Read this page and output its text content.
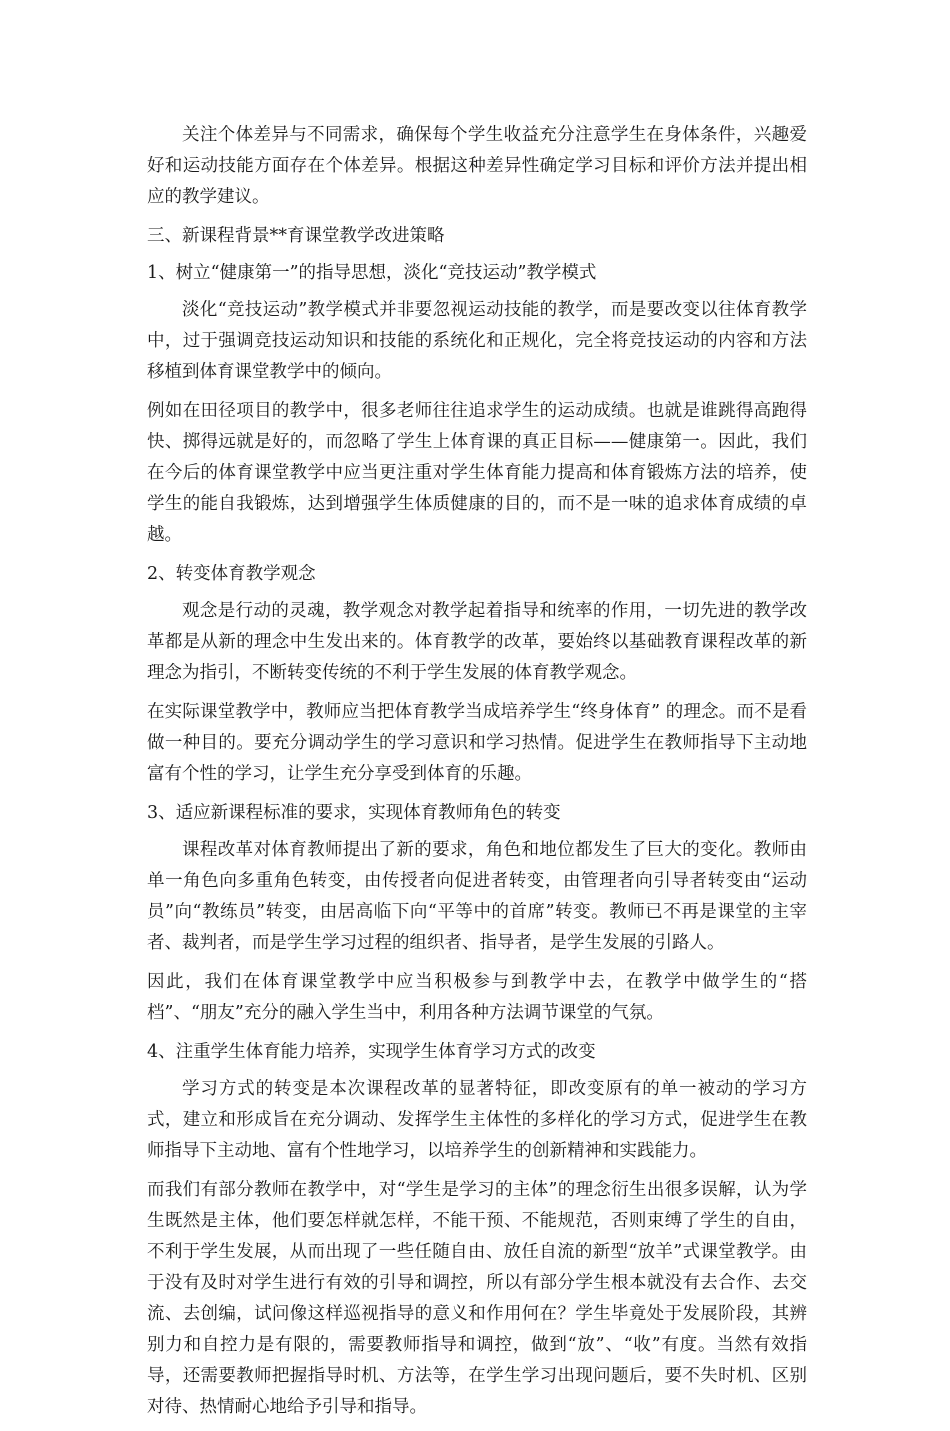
关注个体差异与不同需求，确保每个学生收益充分注意学生在身体条件，兴趣爱好和运动技能方面存在个体差异。根据这种差异性确定学习目标和评价方法并提出相应的教学建议。

三、新课程背景**育课堂教学改进策略

1、树立“健康第一”的指导思想，淡化“竞技运动”教学模式

淡化“竞技运动”教学模式并非要忽视运动技能的教学，而是要改变以往体育教学中，过于强调竞技运动知识和技能的系统化和正规化，完全将竞技运动的内容和方法移植到体育课堂教学中的倾向。

例如在田径项目的教学中，很多老师往往追求学生的运动成绩。也就是谁跳得高跑得快、掷得远就是好的，而忽略了学生上体育课的真正目标——健康第一。因此，我们在今后的体育课堂教学中应当更注重对学生体育能力提高和体育锻炼方法的培养，使学生的能自我锻炼，达到增强学生体质健康的目的，而不是一味的追求体育成绩的卓越。

2、转变体育教学观念

观念是行动的灵魂，教学观念对教学起着指导和统率的作用，一切先进的教学改革都是从新的理念中生发出来的。体育教学的改革，要始终以基础教育课程改革的新理念为指引，不断转变传统的不利于学生发展的体育教学观念。

在实际课堂教学中，教师应当把体育教学当成培养学生“终身体育” 的理念。而不是看做一种目的。要充分调动学生的学习意识和学习热情。促进学生在教师指导下主动地富有个性的学习，让学生充分享受到体育的乐趣。

3、适应新课程标准的要求，实现体育教师角色的转变

课程改革对体育教师提出了新的要求，角色和地位都发生了巨大的变化。教师由单一角色向多重角色转变，由传授者向促进者转变，由管理者向引导者转变由“运动员”向“教练员”转变，由居高临下向“平等中的首席”转变。教师已不再是课堂的主宰者、裁判者，而是学生学习过程的组织者、指导者，是学生发展的引路人。

因此，我们在体育课堂教学中应当积极参与到教学中去，在教学中做学生的“搭档”、“朋友”充分的融入学生当中，利用各种方法调节课堂的气氛。

4、注重学生体育能力培养，实现学生体育学习方式的改变

学习方式的转变是本次课程改革的显著特征，即改变原有的单一被动的学习方式，建立和形成旨在充分调动、发挥学生主体性的多样化的学习方式，促进学生在教师指导下主动地、富有个性地学习，以培养学生的创新精神和实践能力。

而我们有部分教师在教学中，对“学生是学习的主体”的理念衍生出很多误解，认为学生既然是主体，他们要怎样就怎样，不能干预、不能规范，否则束缚了学生的自由，不利于学生发展，从而出现了一些任随自由、放任自流的新型“放羊”式课堂教学。由于没有及时对学生进行有效的引导和调控，所以有部分学生根本就没有去合作、去交流、去创编，试问像这样巡视指导的意义和作用何在？学生毕竟处于发展阶段，其辨别力和自控力是有限的，需要教师指导和调控，做到“放”、“收”有度。当然有效指导，还需要教师把握指导时机、方法等，在学生学习出现问题后，要不失时机、区别对待、热情耐心地给予引导和指导。
